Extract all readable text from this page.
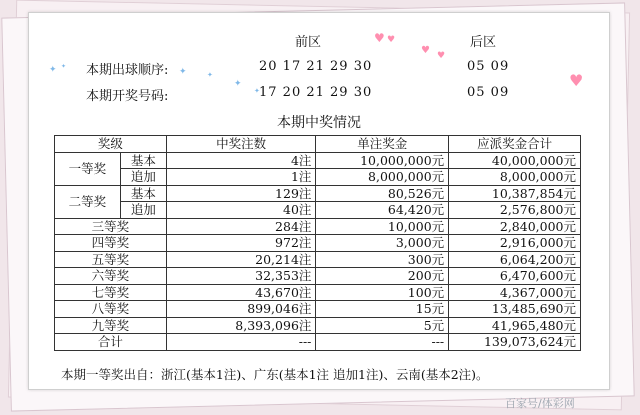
♥ ♥
♥ ♥
♥
✦ ✦
✦	✦
✦
✦
前区	后区
本期出球顺序:	20 17 21 29 30	05 09
本期开奖号码:	17 20 21 29 30	05 09
本期中奖情况
奖级		中奖注数	单注奖金	应派奖金合计
一等奖	基本	4注	10,000,000元	40,000,000元
	追加	1注	8,000,000元	8,000,000元
二等奖	基本	129注	80,526元	10,387,854元
	追加	40注	64,420元	2,576,800元
三等奖		284注	10,000元	2,840,000元
四等奖		972注	3,000元	2,916,000元
五等奖		20,214注	300元	6,064,200元
六等奖		32,353注	200元	6,470,600元
七等奖		43,670注	100元	4,367,000元
八等奖		899,046注	15元	13,485,690元
九等奖		8,393,096注	5元	41,965,480元
合计		---	---	139,073,624元
本期一等奖出自：浙江(基本1注)、广东(基本1注 追加1注)、云南(基本2注)。
百家号/体彩网
